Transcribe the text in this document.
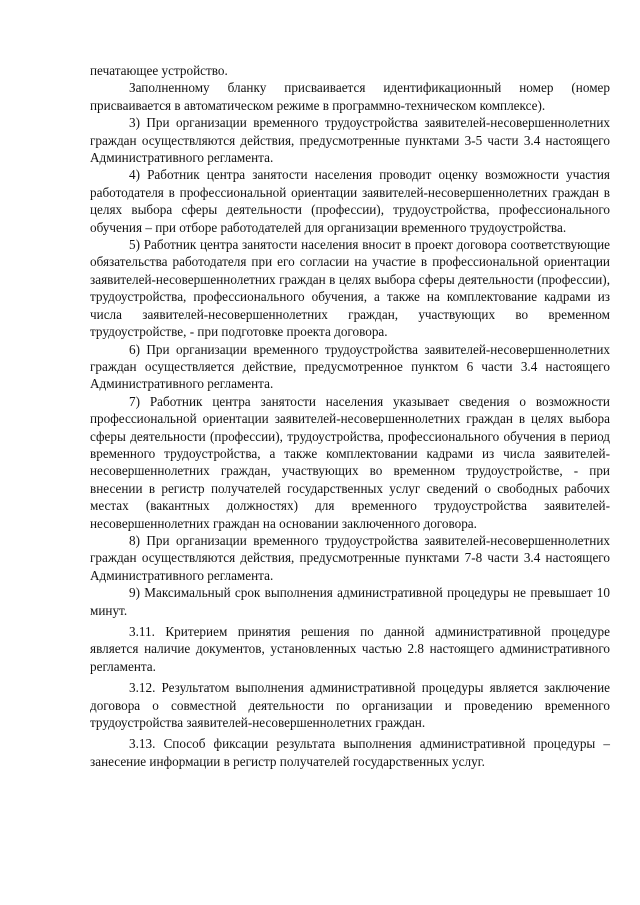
печатающее устройство.

Заполненному бланку присваивается идентификационный номер (номер присваивается в автоматическом режиме в программно-техническом комплексе).

3) При организации временного трудоустройства заявителей-несовершеннолетних граждан осуществляются действия, предусмотренные пунктами 3-5 части 3.4 настоящего Административного регламента.

4) Работник центра занятости населения проводит оценку возможности участия работодателя в профессиональной ориентации заявителей-несовершеннолетних граждан в целях выбора сферы деятельности (профессии), трудоустройства, профессионального обучения – при отборе работодателей для организации временного трудоустройства.

5) Работник центра занятости населения вносит в проект договора соответствующие обязательства работодателя при его согласии на участие в профессиональной ориентации заявителей-несовершеннолетних граждан в целях выбора сферы деятельности (профессии), трудоустройства, профессионального обучения, а также на комплектование кадрами из числа заявителей-несовершеннолетних граждан, участвующих во временном трудоустройстве, - при подготовке проекта договора.

6) При организации временного трудоустройства заявителей-несовершеннолетних граждан осуществляется действие, предусмотренное пунктом 6 части 3.4 настоящего Административного регламента.

7) Работник центра занятости населения указывает сведения о возможности профессиональной ориентации заявителей-несовершеннолетних граждан в целях выбора сферы деятельности (профессии), трудоустройства, профессионального обучения в период временного трудоустройства, а также комплектовании кадрами из числа заявителей-несовершеннолетних граждан, участвующих во временном трудоустройстве, - при внесении в регистр получателей государственных услуг сведений о свободных рабочих местах (вакантных должностях) для временного трудоустройства заявителей-несовершеннолетних граждан на основании заключенного договора.

8) При организации временного трудоустройства заявителей-несовершеннолетних граждан осуществляются действия, предусмотренные пунктами 7-8 части 3.4 настоящего Административного регламента.

9) Максимальный срок выполнения административной процедуры не превышает 10 минут.

3.11. Критерием принятия решения по данной административной процедуре является наличие документов, установленных частью 2.8 настоящего административного регламента.

3.12. Результатом выполнения административной процедуры является заключение договора о совместной деятельности по организации и проведению временного трудоустройства заявителей-несовершеннолетних граждан.

3.13. Способ фиксации результата выполнения административной процедуры – занесение информации в регистр получателей государственных услуг.
